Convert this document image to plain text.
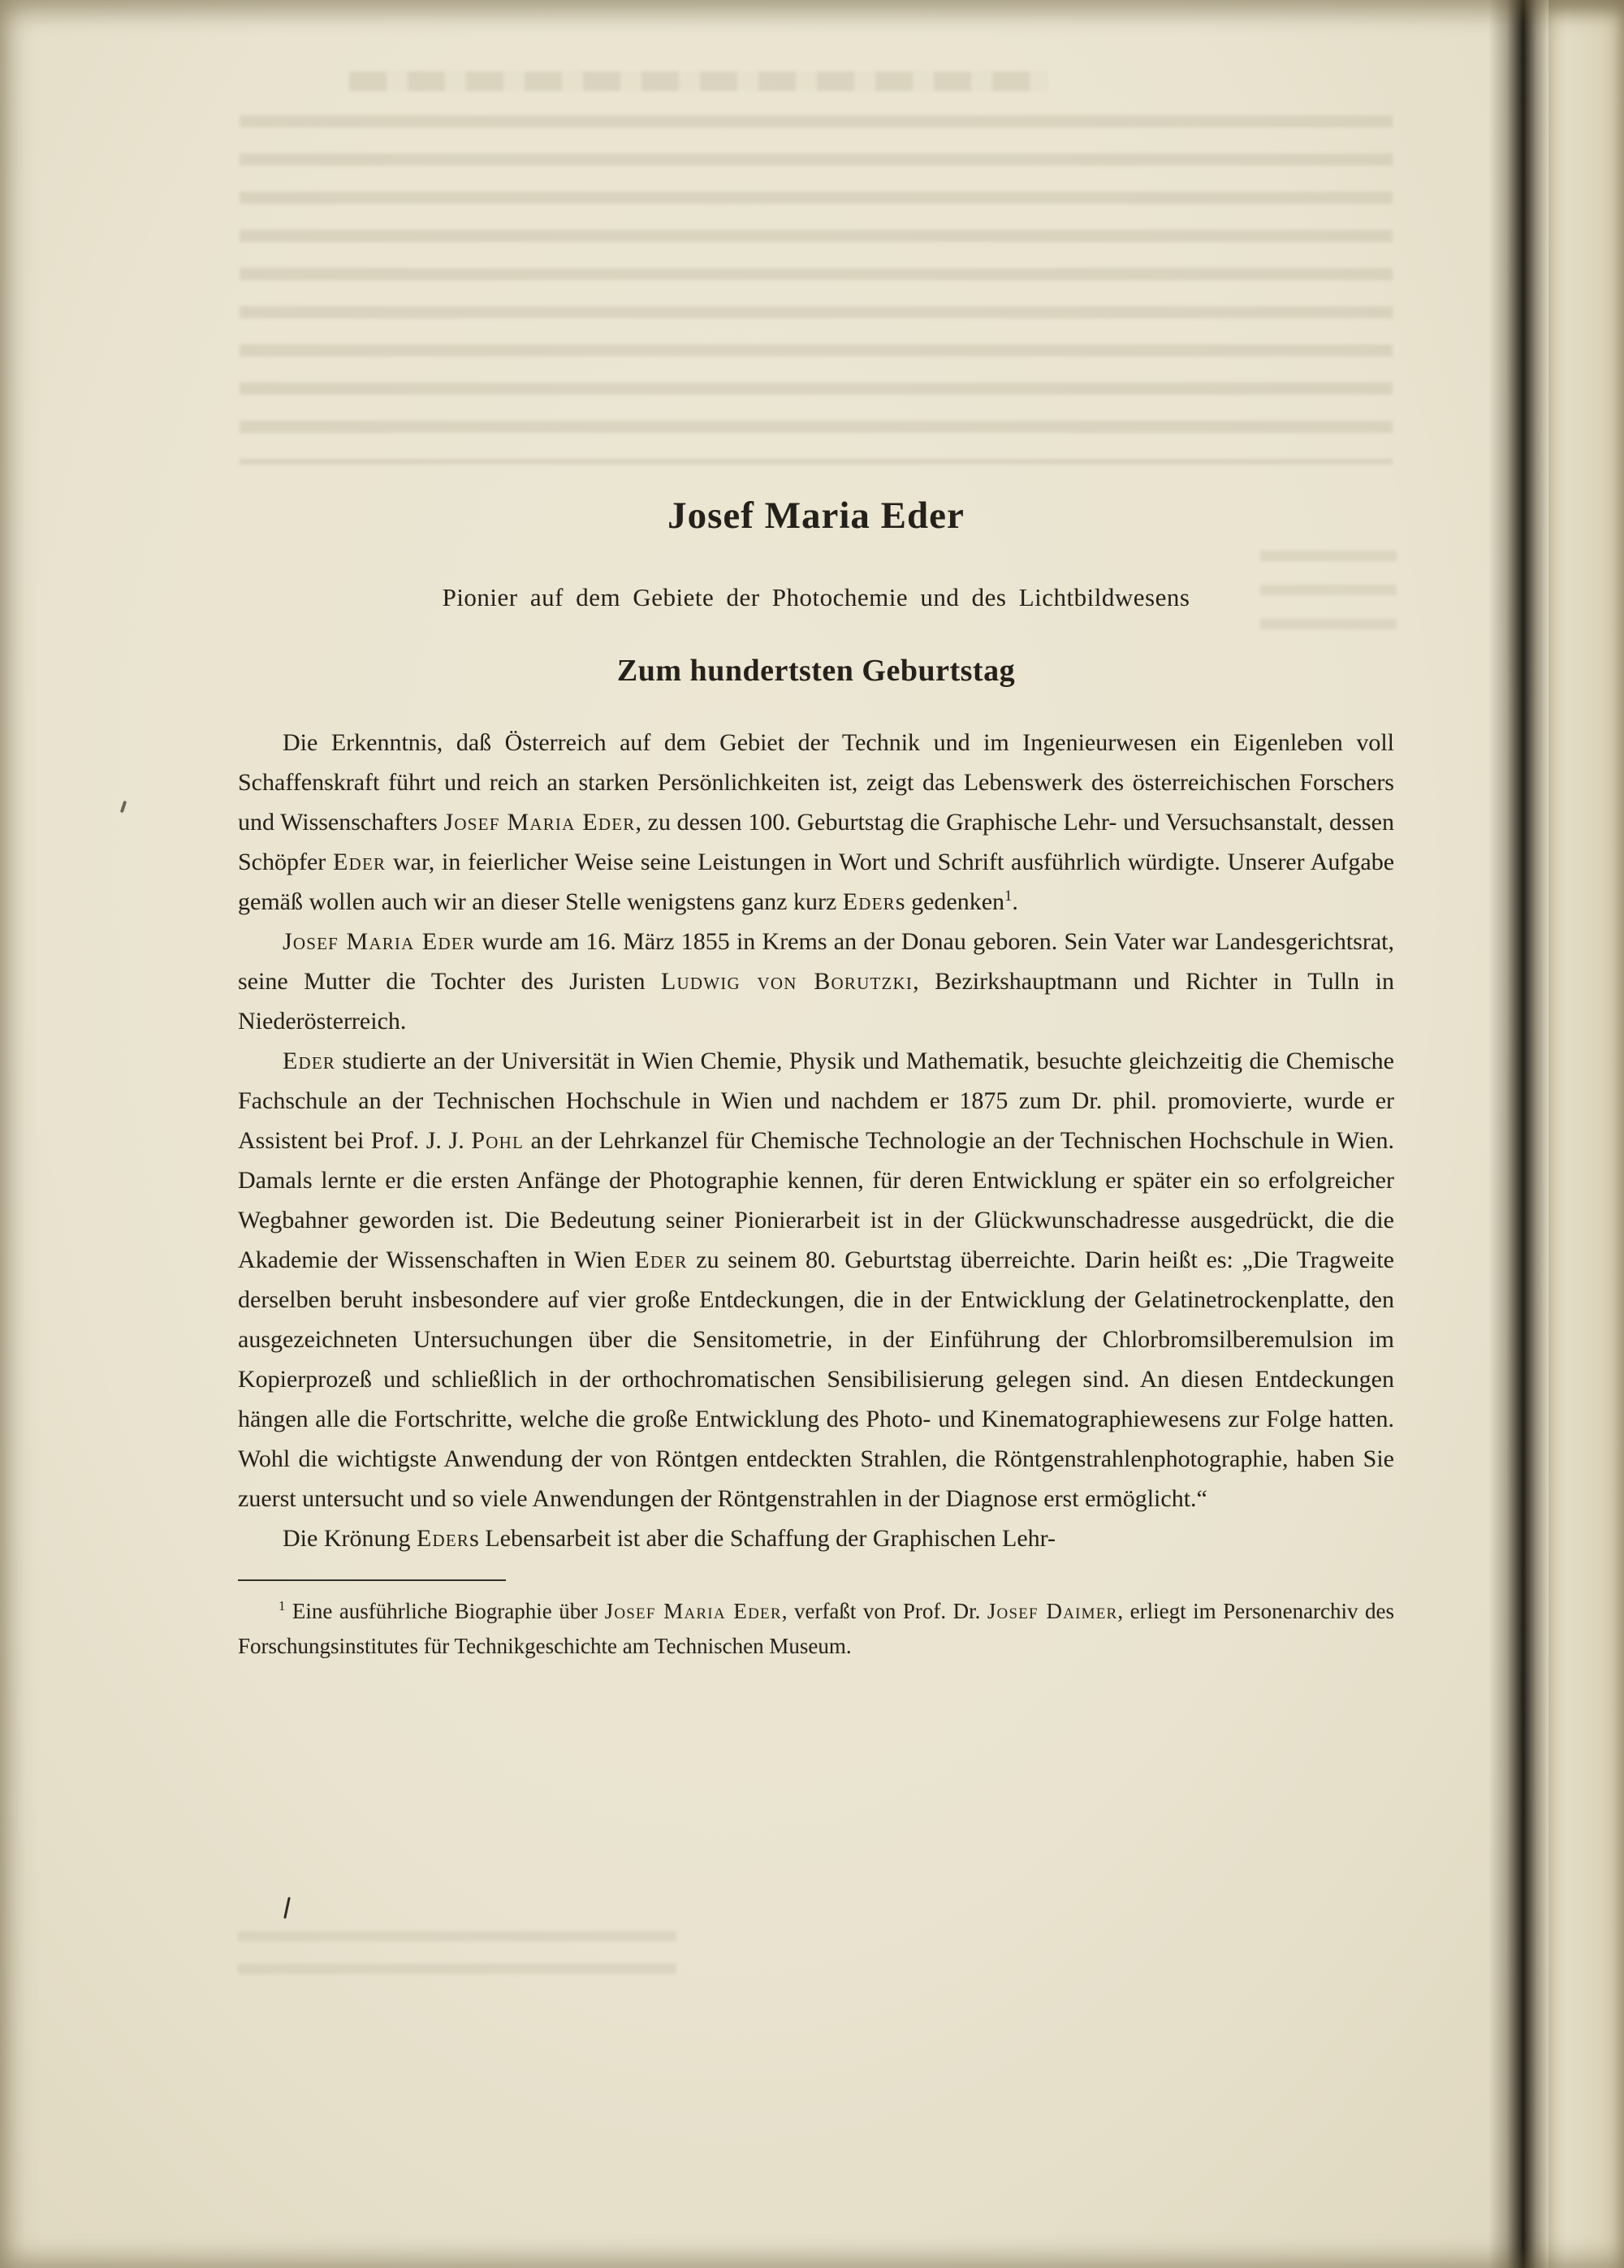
Josef Maria Eder

Pionier auf dem Gebiete der Photochemie und des Lichtbildwesens

Zum hundertsten Geburtstag

Die Erkenntnis, daß Österreich auf dem Gebiet der Technik und im Ingenieurwesen ein Eigenleben voll Schaffenskraft führt und reich an starken Persönlichkeiten ist, zeigt das Lebenswerk des österreichischen Forschers und Wissenschafters Josef Maria Eder, zu dessen 100. Geburtstag die Graphische Lehr- und Versuchsanstalt, dessen Schöpfer Eder war, in feierlicher Weise seine Leistungen in Wort und Schrift ausführlich würdigte. Unserer Aufgabe gemäß wollen auch wir an dieser Stelle wenigstens ganz kurz Eders gedenken$^1$.

Josef Maria Eder wurde am 16. März 1855 in Krems an der Donau geboren. Sein Vater war Landesgerichtsrat, seine Mutter die Tochter des Juristen Ludwig von Borutzki, Bezirkshauptmann und Richter in Tulln in Niederösterreich.

Eder studierte an der Universität in Wien Chemie, Physik und Mathematik, besuchte gleichzeitig die Chemische Fachschule an der Technischen Hochschule in Wien und nachdem er 1875 zum Dr. phil. promovierte, wurde er Assistent bei Prof. J. J. Pohl an der Lehrkanzel für Chemische Technologie an der Technischen Hochschule in Wien. Damals lernte er die ersten Anfänge der Photographie kennen, für deren Entwicklung er später ein so erfolgreicher Wegbahner geworden ist. Die Bedeutung seiner Pionierarbeit ist in der Glückwunschadresse ausgedrückt, die die Akademie der Wissenschaften in Wien Eder zu seinem 80. Geburtstag überreichte. Darin heißt es: „Die Tragweite derselben beruht insbesondere auf vier große Entdeckungen, die in der Entwicklung der Gelatinetrockenplatte, den ausgezeichneten Untersuchungen über die Sensitometrie, in der Einführung der Chlorbromsilberemulsion im Kopierprozeß und schließlich in der orthochromatischen Sensibilisierung gelegen sind. An diesen Entdeckungen hängen alle die Fortschritte, welche die große Entwicklung des Photo- und Kinematographiewesens zur Folge hatten. Wohl die wichtigste Anwendung der von Röntgen entdeckten Strahlen, die Röntgenstrahlenphotographie, haben Sie zuerst untersucht und so viele Anwendungen der Röntgenstrahlen in der Diagnose erst ermöglicht.“

Die Krönung Eders Lebensarbeit ist aber die Schaffung der Graphischen Lehr-

$^1$ Eine ausführliche Biographie über Josef Maria Eder, verfaßt von Prof. Dr. Josef Daimer, erliegt im Personenarchiv des Forschungsinstitutes für Technikgeschichte am Technischen Museum.
